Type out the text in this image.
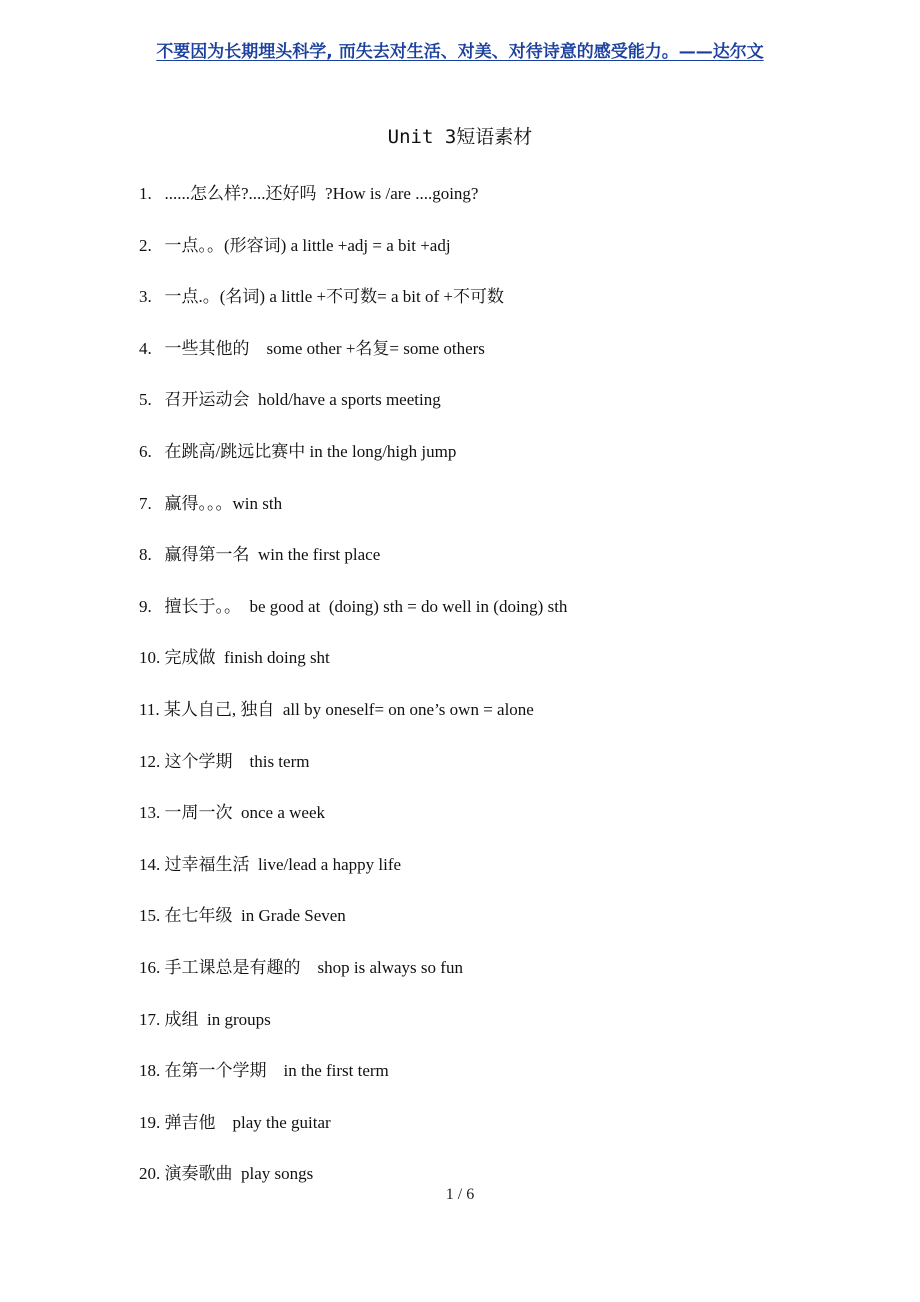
不要因为长期埋头科学, 而失去对生活、对美、对待诗意的感受能力。——达尔文
Unit 3短语素材
1.   ......怎么样?....还好吗  ?How is /are ....going?
2.   一点。。(形容词) a little +adj = a bit +adj
3.   一点.。(名词) a little +不可数= a bit of +不可数
4.   一些其他的    some other +名复= some others
5.   召开运动会  hold/have a sports meeting
6.   在跳高/跳远比赛中 in the long/high jump
7.   赢得。。。win sth
8.   赢得第一名  win the first place
9.   擅长于。。  be good at  (doing) sth = do well in (doing) sth
10. 完成做  finish doing sht
11. 某人自己, 独自  all by oneself= on one’s own = alone
12. 这个学期    this term
13. 一周一次  once a week
14. 过幸福生活  live/lead a happy life
15. 在七年级  in Grade Seven
16. 手工课总是有趣的    shop is always so fun
17. 成组  in groups
18. 在第一个学期    in the first term
19. 弹吉他    play the guitar
20. 演奏歌曲  play songs
1 / 6
